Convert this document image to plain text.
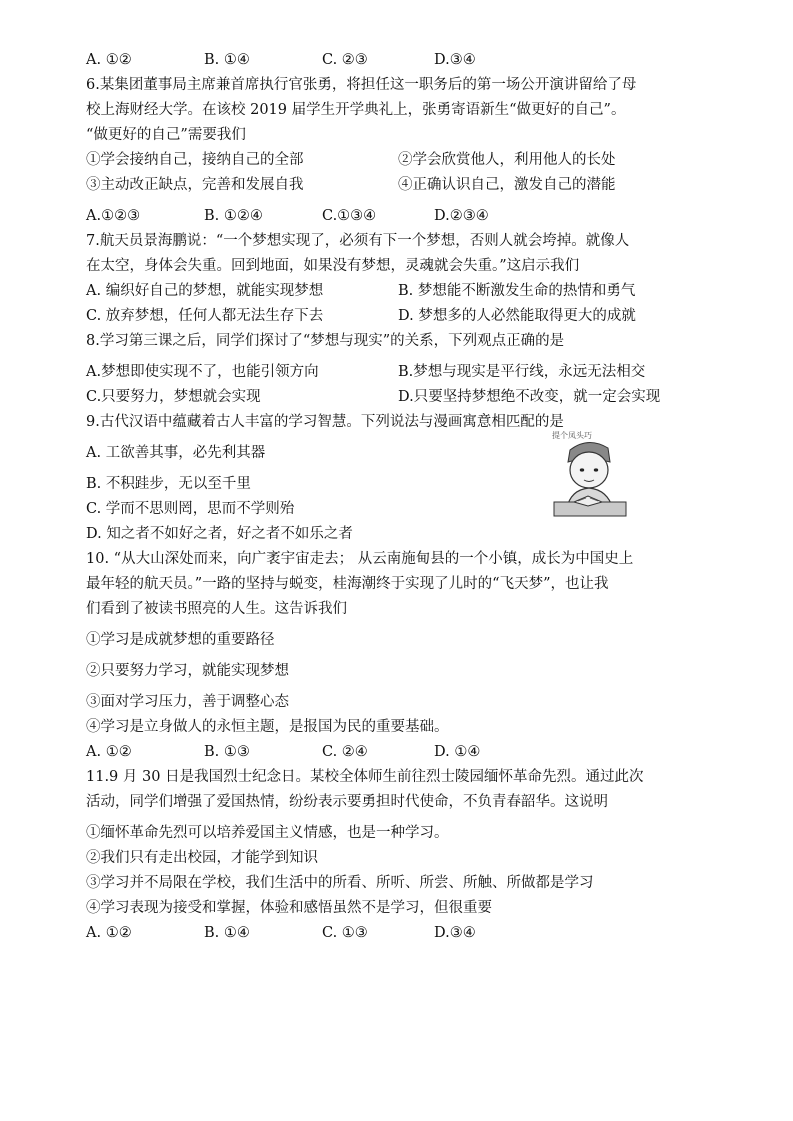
A. ①②	B. ①④	C. ②③	D.③④
6.某集团董事局主席兼首席执行官张勇，将担任这一职务后的第一场公开演讲留给了母
校上海财经大学。在该校 2019 届学生开学典礼上，张勇寄语新生“做更好的自己”。
“做更好的自己”需要我们
①学会接纳自己，接纳自己的全部	②学会欣赏他人，利用他人的长处
③主动改正缺点，完善和发展自我	④正确认识自己，激发自己的潜能
A.①②③	B. ①②④	C.①③④	D.②③④
7.航天员景海鹏说：“一个梦想实现了，必须有下一个梦想，否则人就会垮掉。就像人
在太空，身体会失重。回到地面，如果没有梦想，灵魂就会失重。”这启示我们
A. 编织好自己的梦想，就能实现梦想	B. 梦想能不断激发生命的热情和勇气
C. 放弃梦想，任何人都无法生存下去	D. 梦想多的人必然能取得更大的成就
8.学习第三课之后，同学们探讨了“梦想与现实”的关系，下列观点正确的是
A.梦想即使实现不了，也能引领方向	B.梦想与现实是平行线，永远无法相交
C.只要努力，梦想就会实现	D.只要坚持梦想绝不改变，就一定会实现
9.古代汉语中蕴藏着古人丰富的学习智慧。下列说法与漫画寓意相匹配的是
A. 工欲善其事，必先利其器
B. 不积跬步，无以至千里
C. 学而不思则罔，思而不学则殆
D. 知之者不如好之者，好之者不如乐之者
10. “从大山深处而来，向广袤宇宙走去； 从云南施甸县的一个小镇，成长为中国史上
最年轻的航天员。”一路的坚持与蜕变，桂海潮终于实现了儿时的“飞天梦”，也让我
们看到了被读书照亮的人生。这告诉我们
①学习是成就梦想的重要路径
②只要努力学习，就能实现梦想
③面对学习压力，善于调整心态
④学习是立身做人的永恒主题，是报国为民的重要基础。
A. ①②	B. ①③	C. ②④	D. ①④
11.9 月 30 日是我国烈士纪念日。某校全体师生前往烈士陵园缅怀革命先烈。通过此次
活动，同学们增强了爱国热情，纷纷表示要勇担时代使命，不负青春韶华。这说明
①缅怀革命先烈可以培养爱国主义情感，也是一种学习。
②我们只有走出校园，才能学到知识
③学习并不局限在学校，我们生活中的所看、所听、所尝、所触、所做都是学习
④学习表现为接受和掌握，体验和感悟虽然不是学习，但很重要
A. ①②	B. ①④	C. ①③	D.③④
提个凤头巧
